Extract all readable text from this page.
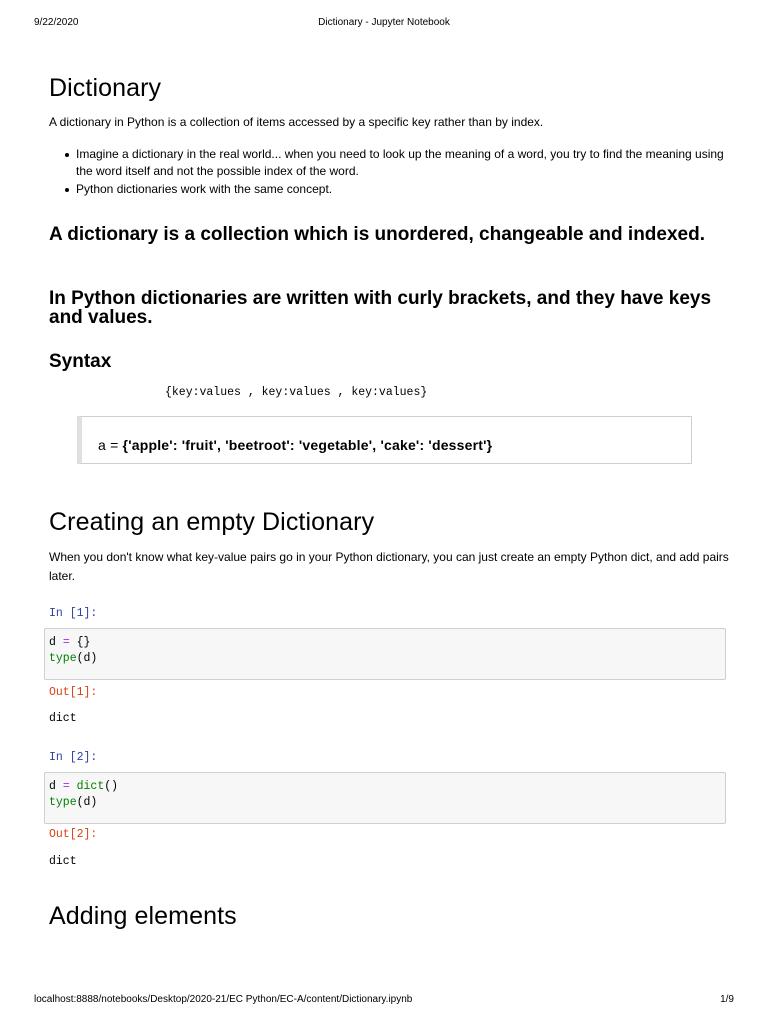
9/22/2020	Dictionary - Jupyter Notebook
Dictionary

A dictionary in Python is a collection of items accessed by a specific key rather than by index.

Imagine a dictionary in the real world... when you need to look up the meaning of a word, you try to find the meaning using the word itself and not the possible index of the word.
Python dictionaries work with the same concept.
A dictionary is a collection which is unordered, changeable and indexed.
In Python dictionaries are written with curly brackets, and they have keys and values.
Syntax
{key:values , key:values , key:values}
a = {'apple': 'fruit', 'beetroot': 'vegetable', 'cake': 'dessert'}
Creating an empty Dictionary

When you don't know what key-value pairs go in your Python dictionary, you can just create an empty Python dict, and add pairs later.

In [1]:
d = {}
type(d)
Out[1]:
dict
In [2]:
d = dict()
type(d)
Out[2]:
dict
Adding elements
localhost:8888/notebooks/Desktop/2020-21/EC Python/EC-A/content/Dictionary.ipynb	1/9
